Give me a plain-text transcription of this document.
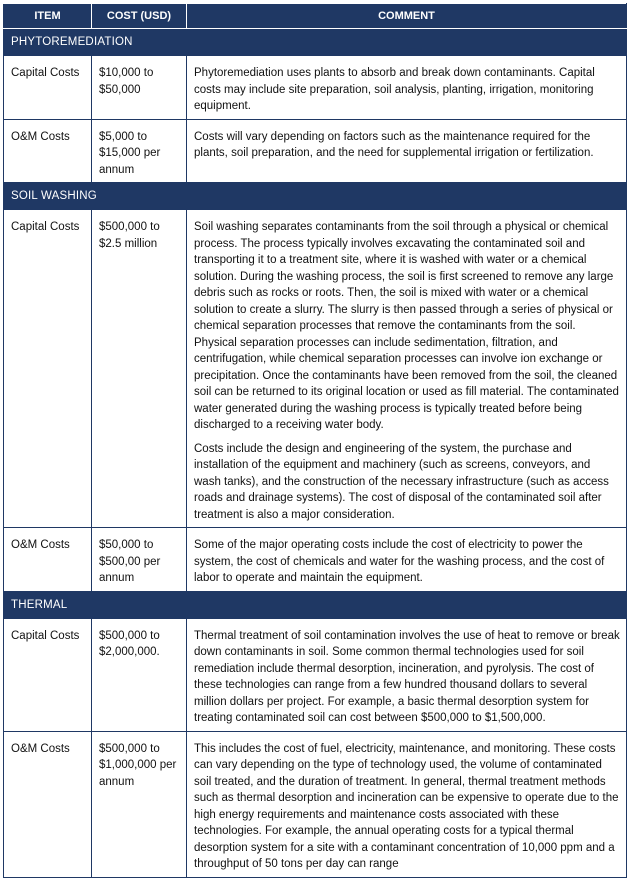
ITEM	COST (USD)	COMMENT
PHYTOREMEDIATION		
Capital Costs	$10,000 to $50,000	Phytoremediation uses plants to absorb and break down contaminants. Capital costs may include site preparation, soil analysis, planting, irrigation, monitoring equipment.

O&M Costs	$5,000 to $15,000 per annum	Costs will vary depending on factors such as the maintenance required for the plants, soil preparation, and the need for supplemental irrigation or fertilization.

SOIL WASHING		
Capital Costs	$500,000 to $2.5 million	Soil washing separates contaminants from the soil through a physical or chemical process. The process typically involves excavating the contaminated soil and transporting it to a treatment site, where it is washed with water or a chemical solution. During the washing process, the soil is first screened to remove any large debris such as rocks or roots. Then, the soil is mixed with water or a chemical solution to create a slurry. The slurry is then passed through a series of physical or chemical separation processes that remove the contaminants from the soil. Physical separation processes can include sedimentation, filtration, and centrifugation, while chemical separation processes can involve ion exchange or precipitation. Once the contaminants have been removed from the soil, the cleaned soil can be returned to its original location or used as fill material. The contaminated water generated during the washing process is typically treated before being discharged to a receiving water body.

Costs include the design and engineering of the system, the purchase and installation of the equipment and machinery (such as screens, conveyors, and wash tanks), and the construction of the necessary infrastructure (such as access roads and drainage systems). The cost of disposal of the contaminated soil after treatment is also a major consideration.

O&M Costs	$50,000 to $500,00 per annum	Some of the major operating costs include the cost of electricity to power the system, the cost of chemicals and water for the washing process, and the cost of labor to operate and maintain the equipment.

THERMAL		
Capital Costs	$500,000 to $2,000,000.	Thermal treatment of soil contamination involves the use of heat to remove or break down contaminants in soil. Some common thermal technologies used for soil remediation include thermal desorption, incineration, and pyrolysis. The cost of these technologies can range from a few hundred thousand dollars to several million dollars per project. For example, a basic thermal desorption system for treating contaminated soil can cost between $500,000 to $1,500,000.

O&M Costs	$500,000 to $1,000,000 per annum	This includes the cost of fuel, electricity, maintenance, and monitoring. These costs can vary depending on the type of technology used, the volume of contaminated soil treated, and the duration of treatment. In general, thermal treatment methods such as thermal desorption and incineration can be expensive to operate due to the high energy requirements and maintenance costs associated with these technologies. For example, the annual operating costs for a typical thermal desorption system for a site with a contaminant concentration of 10,000 ppm and a throughput of 50 tons per day can range
